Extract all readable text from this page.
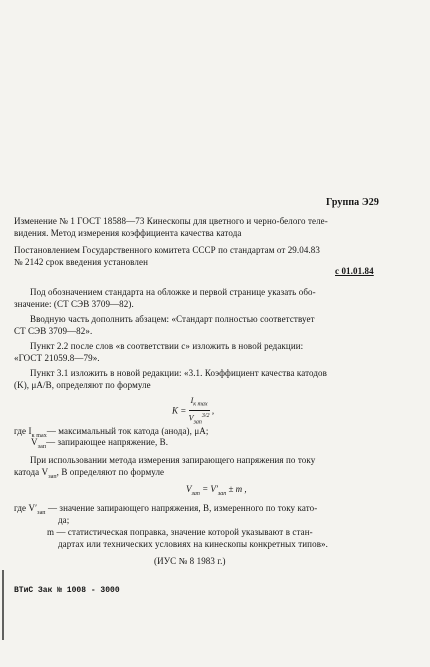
Группа Э29
Изменение № 1 ГОСТ 18588—73 Кинескопы для цветного и черно-белого теле-
видения. Метод измерения коэффициента качества катода
Постановлением Государственного комитета СССР по стандартам от 29.04.83
№ 2142 срок введения установлен
с 01.01.84
Под обозначением стандарта на обложке и первой странице указать обо-
значение: (СТ СЭВ 3709—82).
Вводную часть дополнить абзацем: «Стандарт полностью соответствует
СТ СЭВ 3709—82».
Пункт 2.2 после слов «в соответствии с» изложить в новой редакции:
«ГОСТ 21059.8—79».
Пункт 3.1 изложить в новой редакции: «3.1. Коэффициент качества катодов
(K), μА/В, определяют по формуле
$K = \frac{I_{к max}}{V_{зап}^{3/2}}$ ,
где $I_{к max}—$ максимальный ток катода (анода), μА;
$V_{зап}—$ запирающее напряжение, В.
При использовании метода измерения запирающего напряжения по току
катода $V_{зап}$, В определяют по формуле
$V_{зап} = V'_{зап} \pm m$ ,
где $V'_{зап}$ — значение запирающего напряжения, В, измеренного по току като-
да;
m — статистическая поправка, значение которой указывают в стан-
дартах или технических условиях на кинескопы конкретных типов».
(ИУС № 8 1983 г.)
ВТиС Зак № 1008 - 3000
